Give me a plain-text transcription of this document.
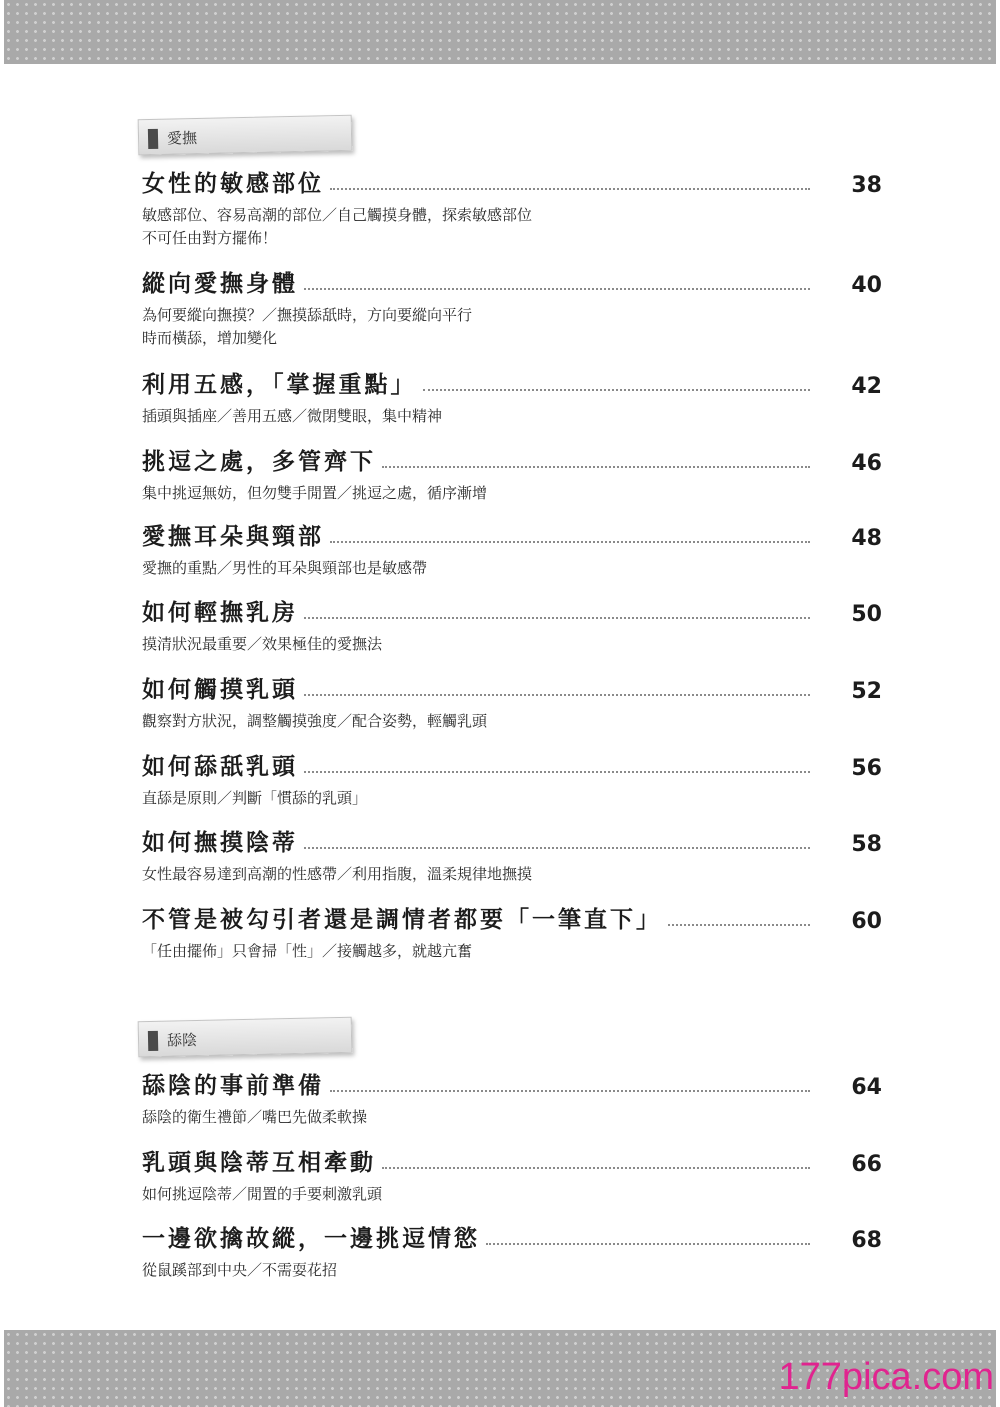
愛撫
女性的敏感部位	38
敏感部位、容易高潮的部位／自己觸摸身體，探索敏感部位
不可任由對方擺佈！
縱向愛撫身體	40
為何要縱向撫摸？／撫摸舔舐時，方向要縱向平行
時而橫舔，增加變化
利用五感，「掌握重點」	42
插頭與插座／善用五感／微閉雙眼，集中精神
挑逗之處，多管齊下	46
集中挑逗無妨，但勿雙手閒置／挑逗之處，循序漸增
愛撫耳朵與頸部	48
愛撫的重點／男性的耳朵與頸部也是敏感帶
如何輕撫乳房	50
摸清狀況最重要／效果極佳的愛撫法
如何觸摸乳頭	52
觀察對方狀況，調整觸摸強度／配合姿勢，輕觸乳頭
如何舔舐乳頭	56
直舔是原則／判斷「慣舔的乳頭」
如何撫摸陰蒂	58
女性最容易達到高潮的性感帶／利用指腹，溫柔規律地撫摸
不管是被勾引者還是調情者都要「一筆直下」	60
「任由擺佈」只會掃「性」／接觸越多，就越亢奮
舔陰
舔陰的事前準備	64
舔陰的衛生禮節／嘴巴先做柔軟操
乳頭與陰蒂互相牽動	66
如何挑逗陰蒂／閒置的手要刺激乳頭
一邊欲擒故縱，一邊挑逗情慾	68
從鼠蹊部到中央／不需耍花招
177pica.com
